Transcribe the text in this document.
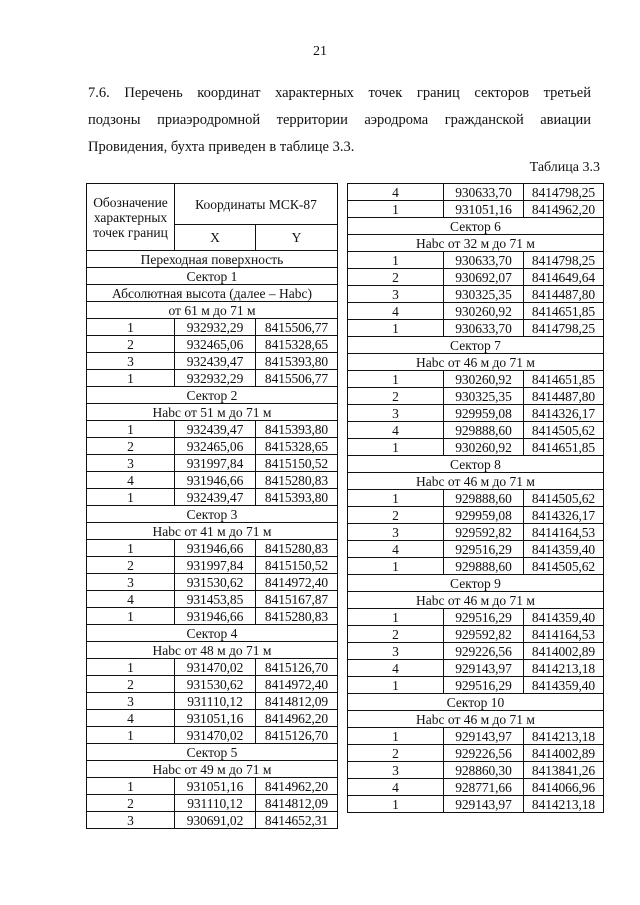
21
7.6. Перечень координат характерных точек границ секторов третьей
подзоны приаэродромной территории аэродрома гражданской авиации
Провидения, бухта приведен в таблице 3.3.
Таблица 3.3
Обозначение характерных точек границ	Координаты МСК-87	
	X	Y
Переходная поверхность		
Сектор 1		
Абсолютная высота (далее – Нabc)		
от 61 м до 71 м		
1	932932,29	8415506,77
2	932465,06	8415328,65
3	932439,47	8415393,80
1	932932,29	8415506,77
Сектор 2		
Нabc от 51 м до 71 м		
1	932439,47	8415393,80
2	932465,06	8415328,65
3	931997,84	8415150,52
4	931946,66	8415280,83
1	932439,47	8415393,80
Сектор 3		
Нabc от 41 м до 71 м		
1	931946,66	8415280,83
2	931997,84	8415150,52
3	931530,62	8414972,40
4	931453,85	8415167,87
1	931946,66	8415280,83
Сектор 4		
Нabc от 48 м до 71 м		
1	931470,02	8415126,70
2	931530,62	8414972,40
3	931110,12	8414812,09
4	931051,16	8414962,20
1	931470,02	8415126,70
Сектор 5		
Нabc от 49 м до 71 м		
1	931051,16	8414962,20
2	931110,12	8414812,09
3	930691,02	8414652,31
4	930633,70	8414798,25
1	931051,16	8414962,20
Сектор 6		
Нabc от 32 м до 71 м		
1	930633,70	8414798,25
2	930692,07	8414649,64
3	930325,35	8414487,80
4	930260,92	8414651,85
1	930633,70	8414798,25
Сектор 7		
Нabc от 46 м до 71 м		
1	930260,92	8414651,85
2	930325,35	8414487,80
3	929959,08	8414326,17
4	929888,60	8414505,62
1	930260,92	8414651,85
Сектор 8		
Нabc от 46 м до 71 м		
1	929888,60	8414505,62
2	929959,08	8414326,17
3	929592,82	8414164,53
4	929516,29	8414359,40
1	929888,60	8414505,62
Сектор 9		
Нabc от 46 м до 71 м		
1	929516,29	8414359,40
2	929592,82	8414164,53
3	929226,56	8414002,89
4	929143,97	8414213,18
1	929516,29	8414359,40
Сектор 10		
Нabc от 46 м до 71 м		
1	929143,97	8414213,18
2	929226,56	8414002,89
3	928860,30	8413841,26
4	928771,66	8414066,96
1	929143,97	8414213,18
